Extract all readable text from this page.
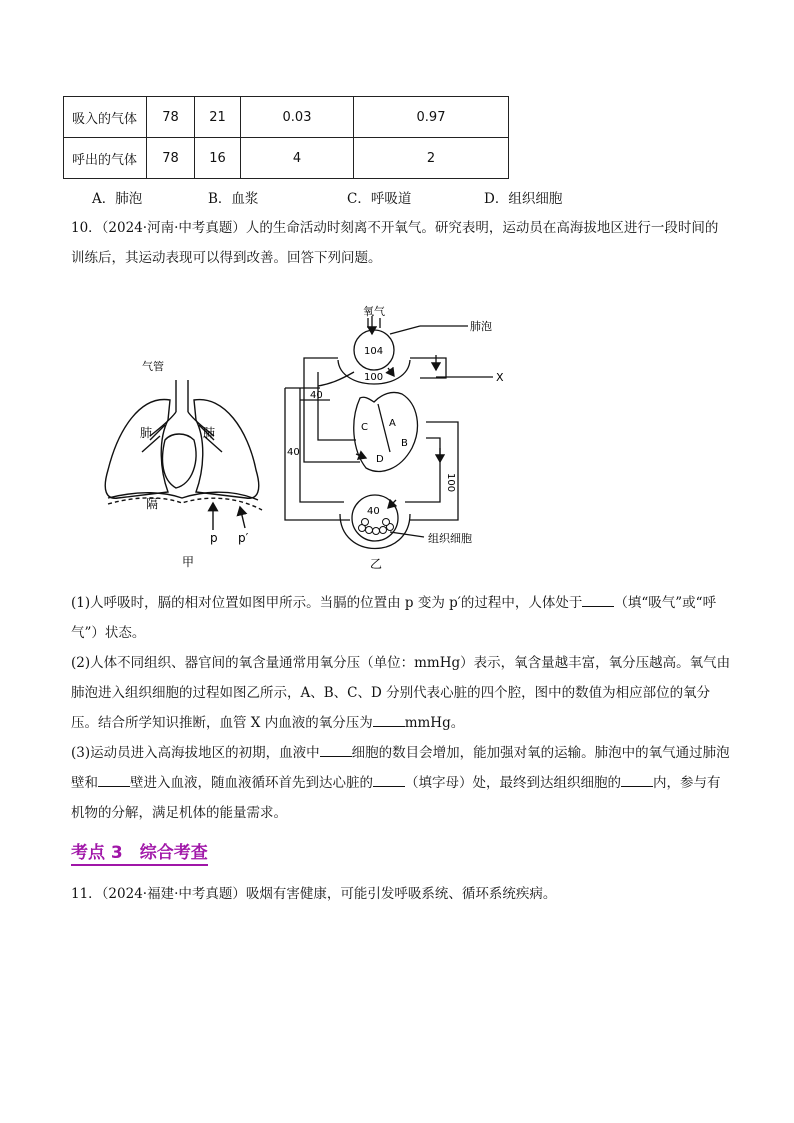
吸入的气体	78	21	0.03	0.97
呼出的气体	78	16	4	2
A．肺泡	B．血浆	C．呼吸道	D．组织细胞
10．（2024·河南·中考真题）人的生命活动时刻离不开氧气。研究表明，运动员在高海拔地区进行一段时间的训练后，其运动表现可以得到改善。回答下列问题。
气管
肺	肺
隔
p p′
甲
氧气
肺泡
104
100	X
40
40
100
40
A
B
C
D
组织细胞
乙
(1)人呼吸时，膈的相对位置如图甲所示。当膈的位置由 p 变为 p′的过程中，人体处于 （填“吸气”或“呼气”）状态。
(2)人体不同组织、器官间的氧含量通常用氧分压（单位：mmHg）表示，氧含量越丰富，氧分压越高。氧气由肺泡进入组织细胞的过程如图乙所示，A、B、C、D 分别代表心脏的四个腔，图中的数值为相应部位的氧分压。结合所学知识推断，血管 X 内血液的氧分压为 mmHg。
(3)运动员进入高海拔地区的初期，血液中 细胞的数目会增加，能加强对氧的运输。肺泡中的氧气通过肺泡壁和 壁进入血液，随血液循环首先到达心脏的 （填字母）处，最终到达组织细胞的 内，参与有机物的分解，满足机体的能量需求。
考点 3　综合考查
11．（2024·福建·中考真题）吸烟有害健康，可能引发呼吸系统、循环系统疾病。
